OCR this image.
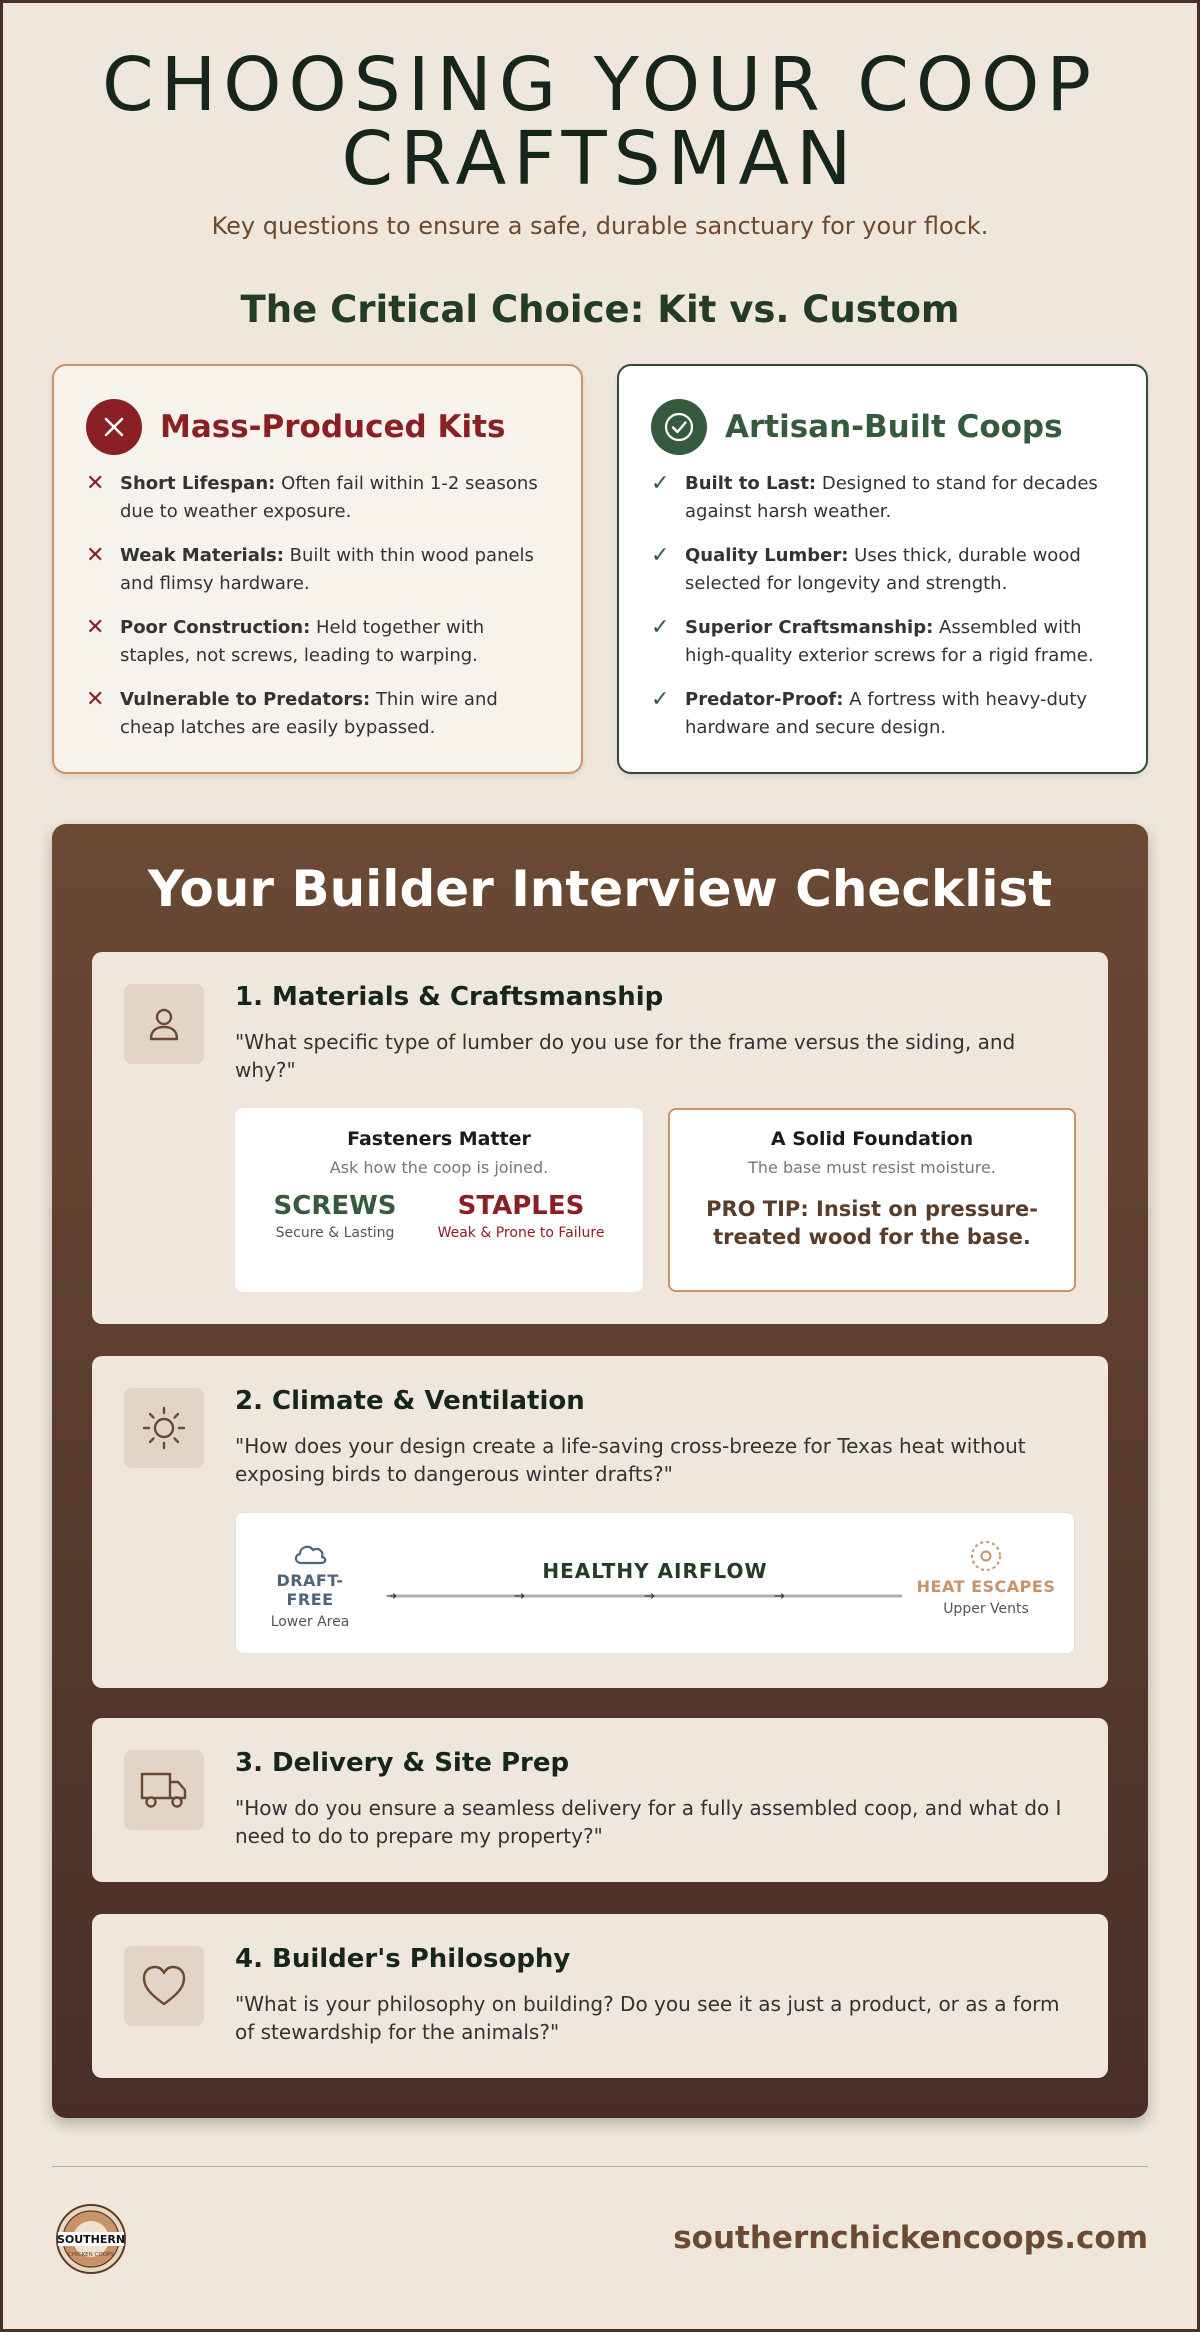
CHOOSING YOUR COOP
CRAFTSMAN
Key questions to ensure a safe, durable sanctuary for your flock.
The Critical Choice: Kit vs. Custom
Mass-Produced Kits
✕ Short Lifespan: Often fail within 1-2 seasons due to weather exposure.
✕ Weak Materials: Built with thin wood panels and flimsy hardware.
✕ Poor Construction: Held together with staples, not screws, leading to warping.
✕ Vulnerable to Predators: Thin wire and cheap latches are easily bypassed.
Artisan-Built Coops
✓ Built to Last: Designed to stand for decades against harsh weather.
✓ Quality Lumber: Uses thick, durable wood selected for longevity and strength.
✓ Superior Craftsmanship: Assembled with high-quality exterior screws for a rigid frame.
✓ Predator-Proof: A fortress with heavy-duty hardware and secure design.
Your Builder Interview Checklist
1. Materials & Craftsmanship
"What specific type of lumber do you use for the frame versus the siding, and why?"
Fasteners Matter
Ask how the coop is joined.
SCREWS
Secure & Lasting
STAPLES
Weak & Prone to Failure
A Solid Foundation
The base must resist moisture.
PRO TIP: Insist on pressure-treated wood for the base.
2. Climate & Ventilation
"How does your design create a life-saving cross-breeze for Texas heat without exposing birds to dangerous winter drafts?"
DRAFT-FREE
Lower Area
HEALTHY AIRFLOW
→	→	→	→
HEAT ESCAPES
Upper Vents
3. Delivery & Site Prep
"How do you ensure a seamless delivery for a fully assembled coop, and what do I need to do to prepare my property?"
4. Builder's Philosophy
"What is your philosophy on building? Do you see it as just a product, or as a form of stewardship for the animals?"
SOUTHERN
CHICKEN COOPS	southernchickencoops.com
